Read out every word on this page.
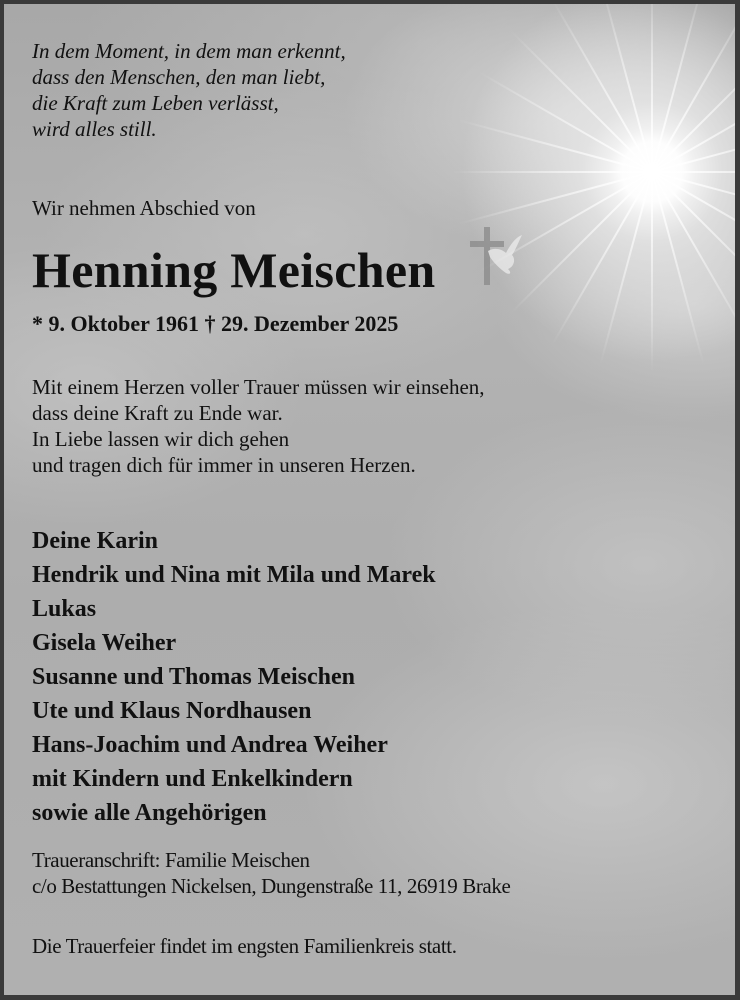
In dem Moment, in dem man erkennt,
dass den Menschen, den man liebt,
die Kraft zum Leben verlässt,
wird alles still.
Wir nehmen Abschied von
Henning Meischen
* 9. Oktober 1961 † 29. Dezember 2025
Mit einem Herzen voller Trauer müssen wir einsehen,
dass deine Kraft zu Ende war.
In Liebe lassen wir dich gehen
und tragen dich für immer in unseren Herzen.
Deine Karin
Hendrik und Nina mit Mila und Marek
Lukas
Gisela Weiher
Susanne und Thomas Meischen
Ute und Klaus Nordhausen
Hans-Joachim und Andrea Weiher
mit Kindern und Enkelkindern
sowie alle Angehörigen
Traueranschrift: Familie Meischen
c/o Bestattungen Nickelsen, Dungenstraße 11, 26919 Brake
Die Trauerfeier findet im engsten Familienkreis statt.
